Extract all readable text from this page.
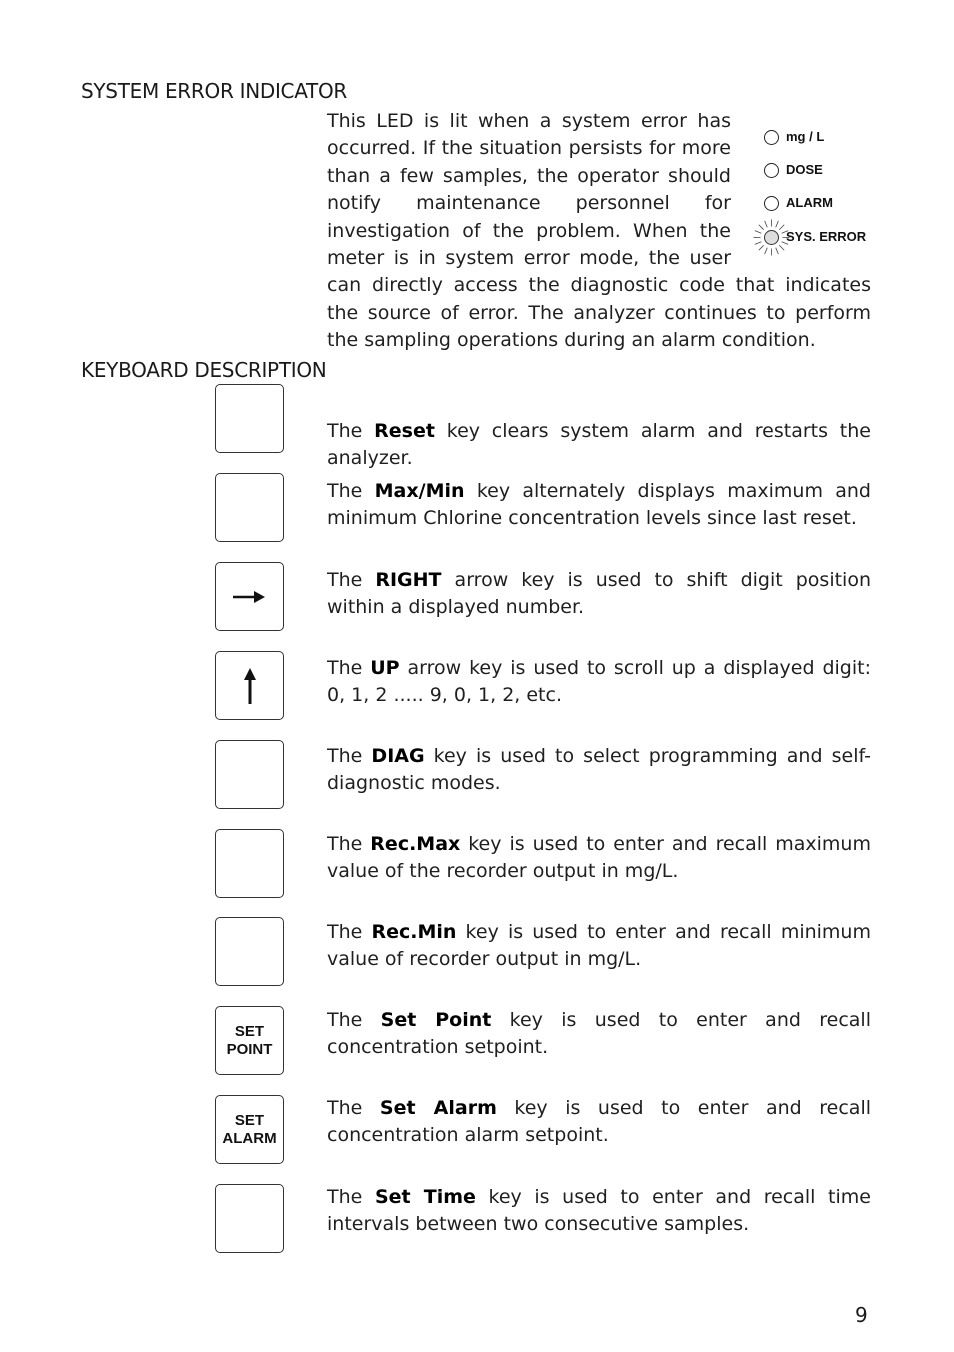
SYSTEM ERROR INDICATOR
This LED is lit when a system error has occurred. If the situation persists for more than a few samples, the operator should notify maintenance personnel for investigation of the problem. When the meter is in system error mode, the user can directly access the diagnostic code that indicates the source of error. The analyzer continues to perform the sampling operations during an alarm condition.
mg / L
DOSE
ALARM
SYS. ERROR
KEYBOARD DESCRIPTION

The Reset key clears system alarm and restarts the analyzer.

The Max/Min key alternately displays maximum and minimum Chlorine concentration levels since last reset.

The RIGHT arrow key is used to shift digit position within a displayed number.

The UP arrow key is used to scroll up a displayed digit: 0, 1, 2 ..... 9, 0, 1, 2, etc.

The DIAG key is used to select programming and self-diagnostic modes.

The Rec.Max key is used to enter and recall maximum value of the recorder output in mg/L.

The Rec.Min key is used to enter and recall minimum value of recorder output in mg/L.

SET
POINT

The Set Point key is used to enter and recall concentration setpoint.

SET
ALARM

The Set Alarm key is used to enter and recall concentration alarm setpoint.

The Set Time key is used to enter and recall time intervals between two consecutive samples.

9
